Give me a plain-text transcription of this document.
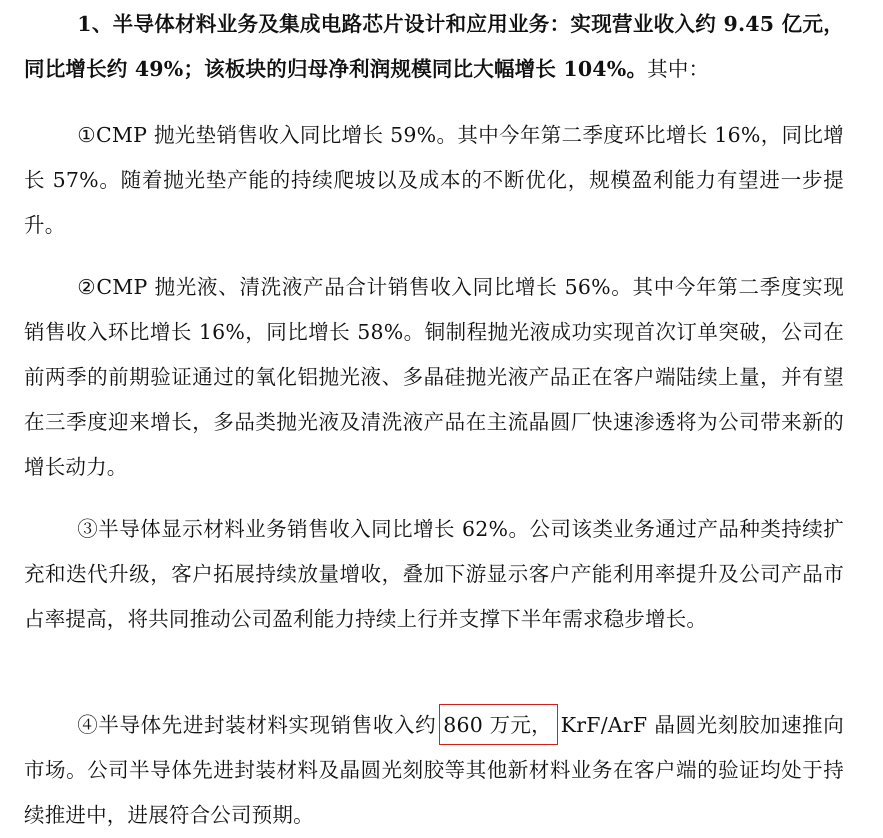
1、半导体材料业务及集成电路芯片设计和应用业务：实现营业收入约 9.45 亿元，同比增长约 49%；该板块的归母净利润规模同比大幅增长 104%。其中：

①CMP 抛光垫销售收入同比增长 59%。其中今年第二季度环比增长 16%，同比增长 57%。随着抛光垫产能的持续爬坡以及成本的不断优化，规模盈利能力有望进一步提升。

②CMP 抛光液、清洗液产品合计销售收入同比增长 56%。其中今年第二季度实现销售收入环比增长 16%，同比增长 58%。铜制程抛光液成功实现首次订单突破，公司在前两季的前期验证通过的氧化铝抛光液、多晶硅抛光液产品正在客户端陆续上量，并有望在三季度迎来增长，多品类抛光液及清洗液产品在主流晶圆厂快速渗透将为公司带来新的增长动力。

③半导体显示材料业务销售收入同比增长 62%。公司该类业务通过产品种类持续扩充和迭代升级，客户拓展持续放量增收，叠加下游显示客户产能利用率提升及公司产品市占率提高，将共同推动公司盈利能力持续上行并支撑下半年需求稳步增长。

④半导体先进封装材料实现销售收入约 860 万元， KrF/ArF 晶圆光刻胶加速推向市场。公司半导体先进封装材料及晶圆光刻胶等其他新材料业务在客户端的验证均处于持续推进中，进展符合公司预期。
